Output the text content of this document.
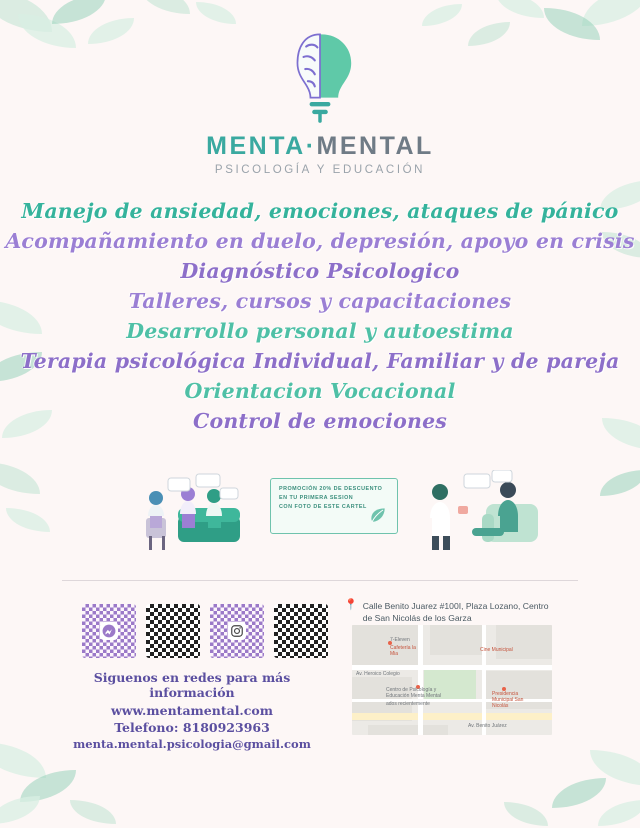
MENTA·MENTAL
PSICOLOGÍA Y EDUCACIÓN
Manejo de ansiedad, emociones, ataques de pánico
Acompañamiento en duelo, depresión, apoyo en crisis
Diagnóstico Psicologico
Talleres, cursos y capacitaciones
Desarrollo personal y autoestima
Terapia psicológica Individual, Familiar y de pareja
Orientacion Vocacional
Control de emociones
PROMOCIÓN 20% DE DESCUENTO
EN TU PRIMERA SESION
CON FOTO DE ESTE CARTEL
Siguenos en redes para más información
www.mentamental.com
Telefono: 8180923963
menta.mental.psicologia@gmail.com
📍 Calle Benito Juarez #100I, Plaza Lozano, Centro de San Nicolás de los Garza
7-Eleven
Cafetería la
Mia
Cine Municipal
Av. Heroico Colegio
Centro de Psicología y
Educación Menta Mental
ados recientemente
Presidencia
Municipal San
Nicolás
Av. Benito Juárez
